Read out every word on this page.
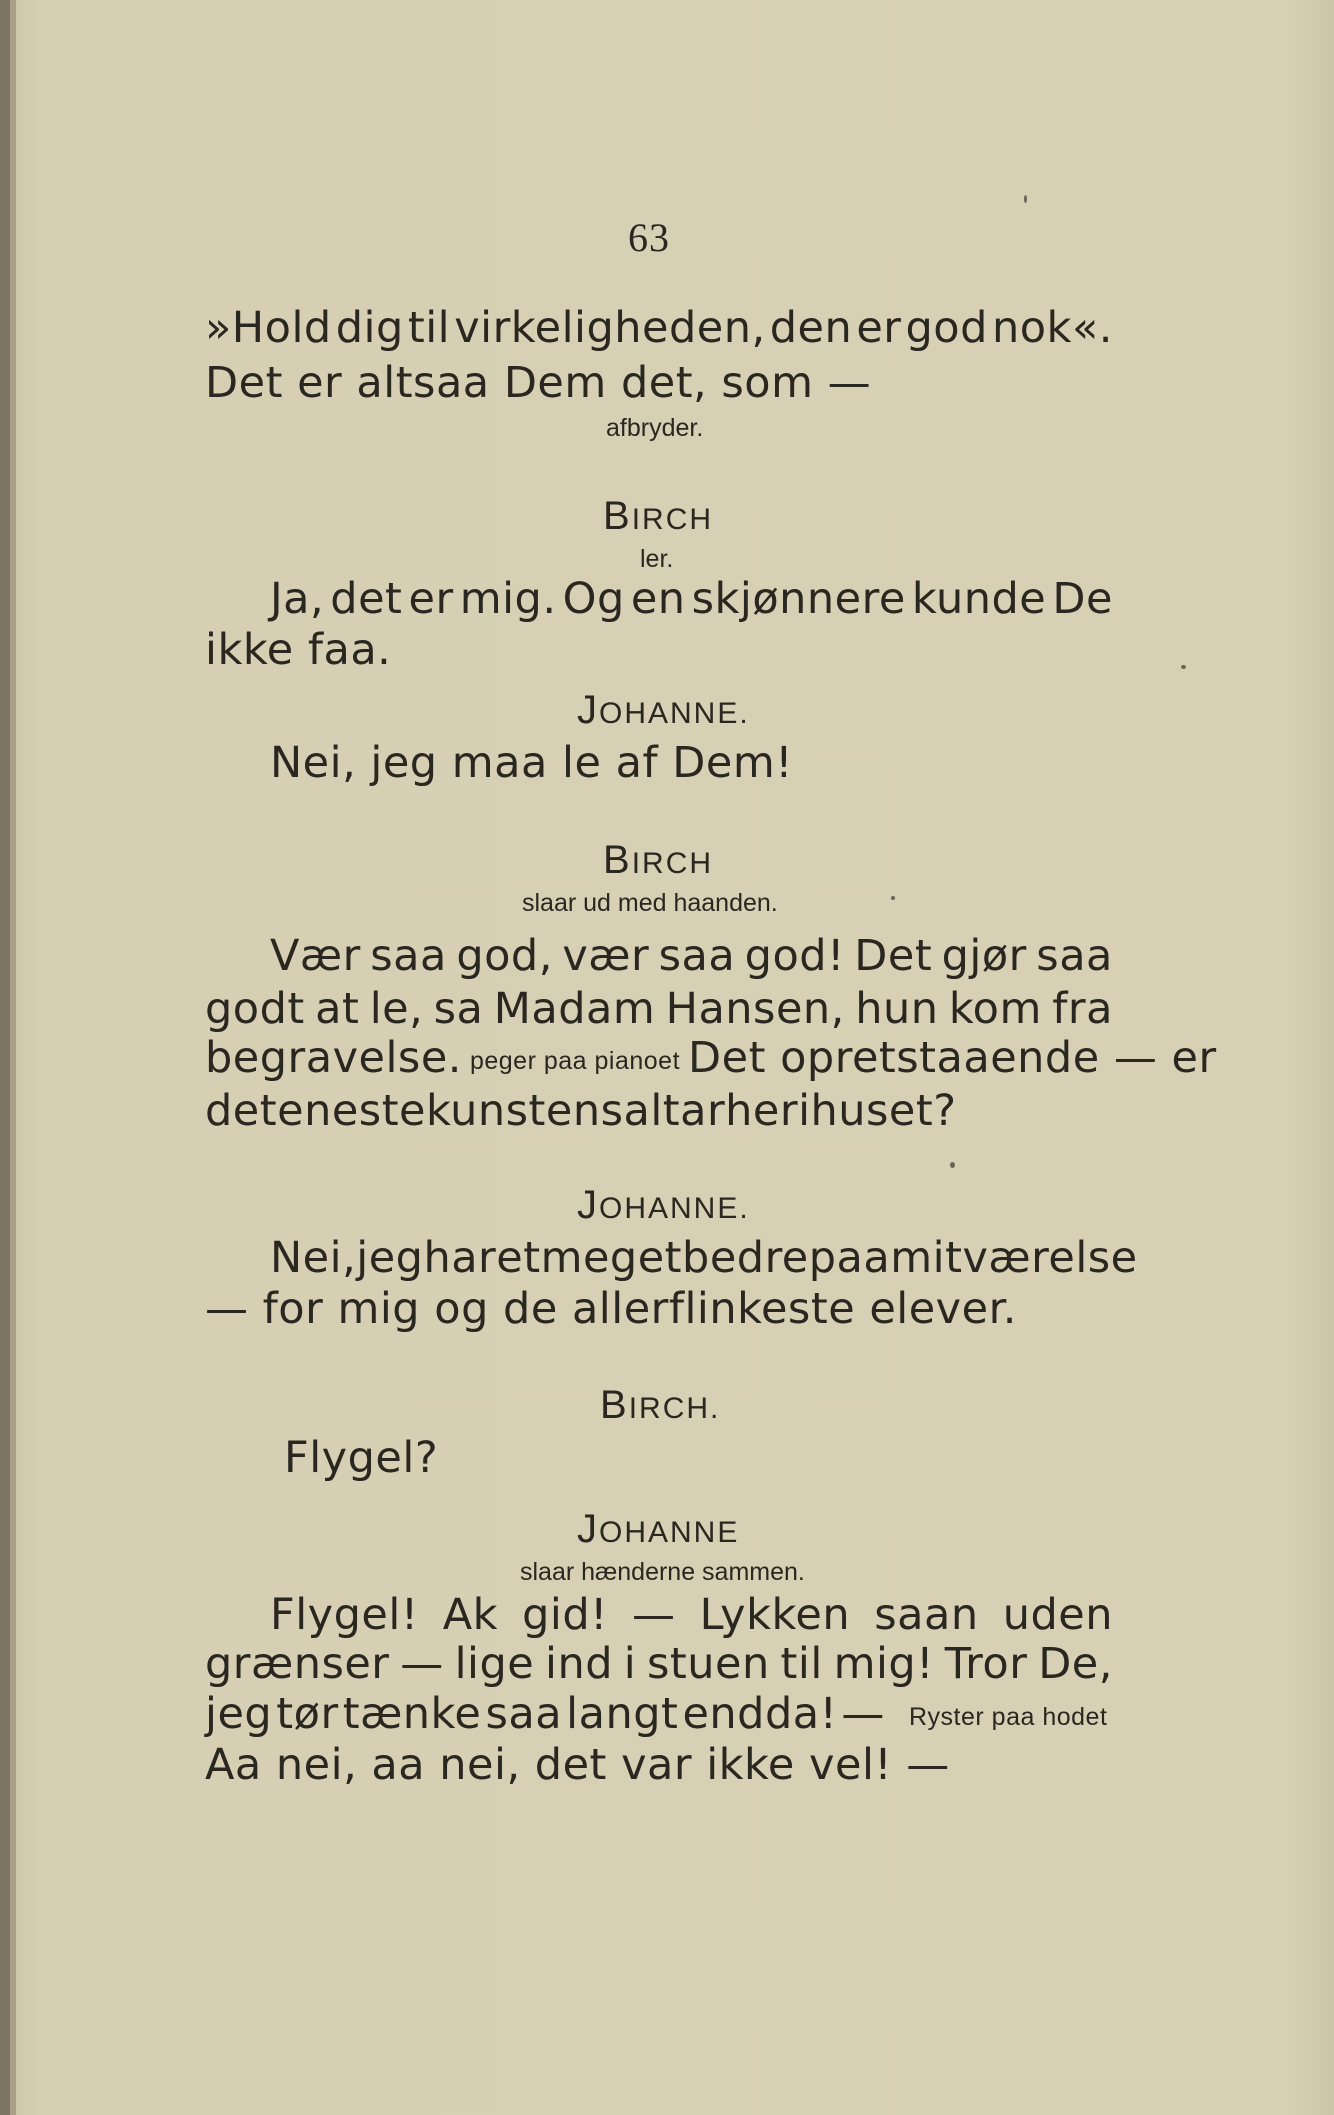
63
»Hold dig til virkeligheden, den er god nok«.
Det er altsaa Dem det, som —
afbryder.
BIRCH
ler.
Ja, det er mig. Og en skjønnere kunde De
ikke faa.
JOHANNE.
Nei, jeg maa le af Dem!
BIRCH
slaar ud med haanden.
Vær saa god, vær saa god! Det gjør saa
godt at le, sa Madam Hansen, hun kom fra
begravelse. peger paa pianoet Det opretstaaende — er
det eneste kunstens altar her i huset?
JOHANNE.
Nei, jeg har et meget bedre paa mit værelse
— for mig og de allerflinkeste elever.
BIRCH.
Flygel?
JOHANNE
slaar hænderne sammen.
Flygel! Ak gid! — Lykken saan uden
grænser — lige ind i stuen til mig! Tror De,
jeg tør tænke saa langt endda! — Ryster paa hodet
Aa nei, aa nei, det var ikke vel! —
